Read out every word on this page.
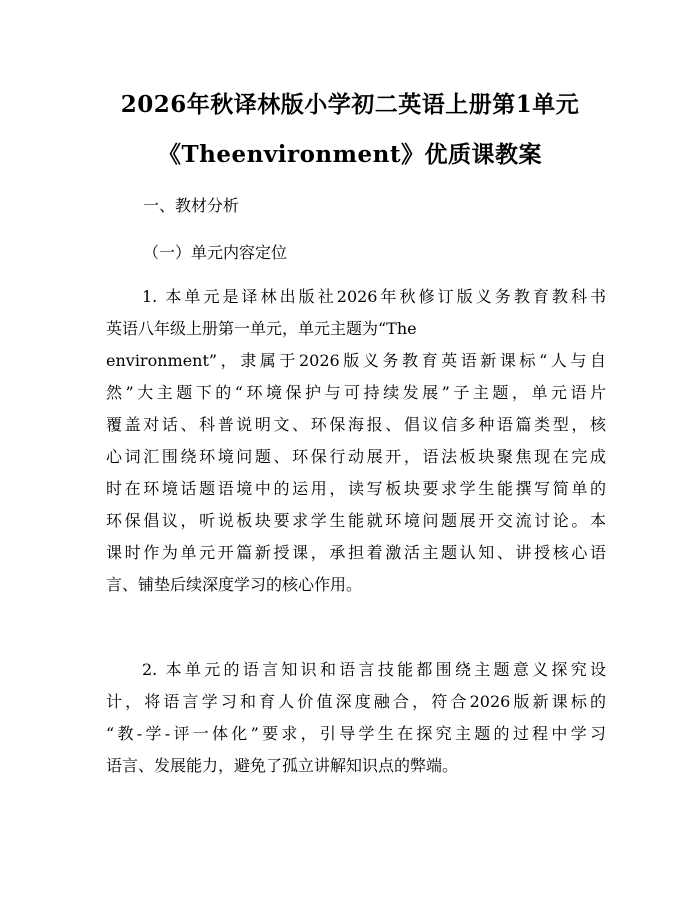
2026年秋译林版小学初二英语上册第1单元
《Theenvironment》优质课教案
一、教材分析
（一）单元内容定位
1. 本单元是译林出版社2026年秋修订版义务教育教科书
英语八年级上册第一单元，单元主题为“The
environment”，隶属于2026版义务教育英语新课标“人与自
然”大主题下的“环境保护与可持续发展”子主题，单元语片
覆盖对话、科普说明文、环保海报、倡议信多种语篇类型，核
心词汇围绕环境问题、环保行动展开，语法板块聚焦现在完成
时在环境话题语境中的运用，读写板块要求学生能撰写简单的
环保倡议，听说板块要求学生能就环境问题展开交流讨论。本
课时作为单元开篇新授课，承担着激活主题认知、讲授核心语
言、铺垫后续深度学习的核心作用。
2. 本单元的语言知识和语言技能都围绕主题意义探究设
计，将语言学习和育人价值深度融合，符合2026版新课标的
“教-学-评一体化”要求，引导学生在探究主题的过程中学习
语言、发展能力，避免了孤立讲解知识点的弊端。
